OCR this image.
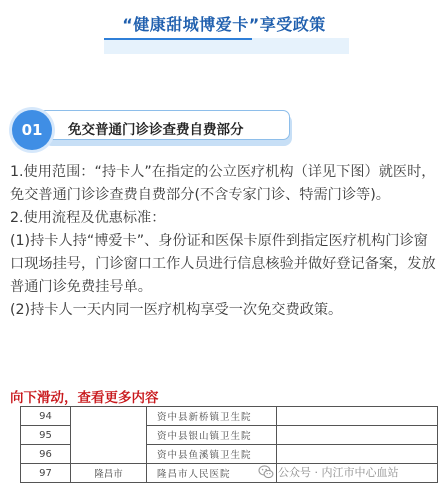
“健康甜城博爱卡”享受政策
免交普通门诊诊查费自费部分
01

1.使用范围：“持卡人”在指定的公立医疗机构（详见下图）就医时，免交普通门诊诊查费自费部分(不含专家门诊、特需门诊等)。

2.使用流程及优惠标准：

(1)持卡人持“博爱卡”、身份证和医保卡原件到指定医疗机构门诊窗口现场挂号，门诊窗口工作人员进行信息核验并做好登记备案，发放普通门诊免费挂号单。

(2)持卡人一天内同一医疗机构享受一次免交费政策。

向下滑动，查看更多内容
94		资中县新桥镇卫生院	
95		资中县银山镇卫生院	
96		资中县鱼溪镇卫生院	
97	隆昌市	隆昌市人民医院		公众号 · 内江市中心血站
